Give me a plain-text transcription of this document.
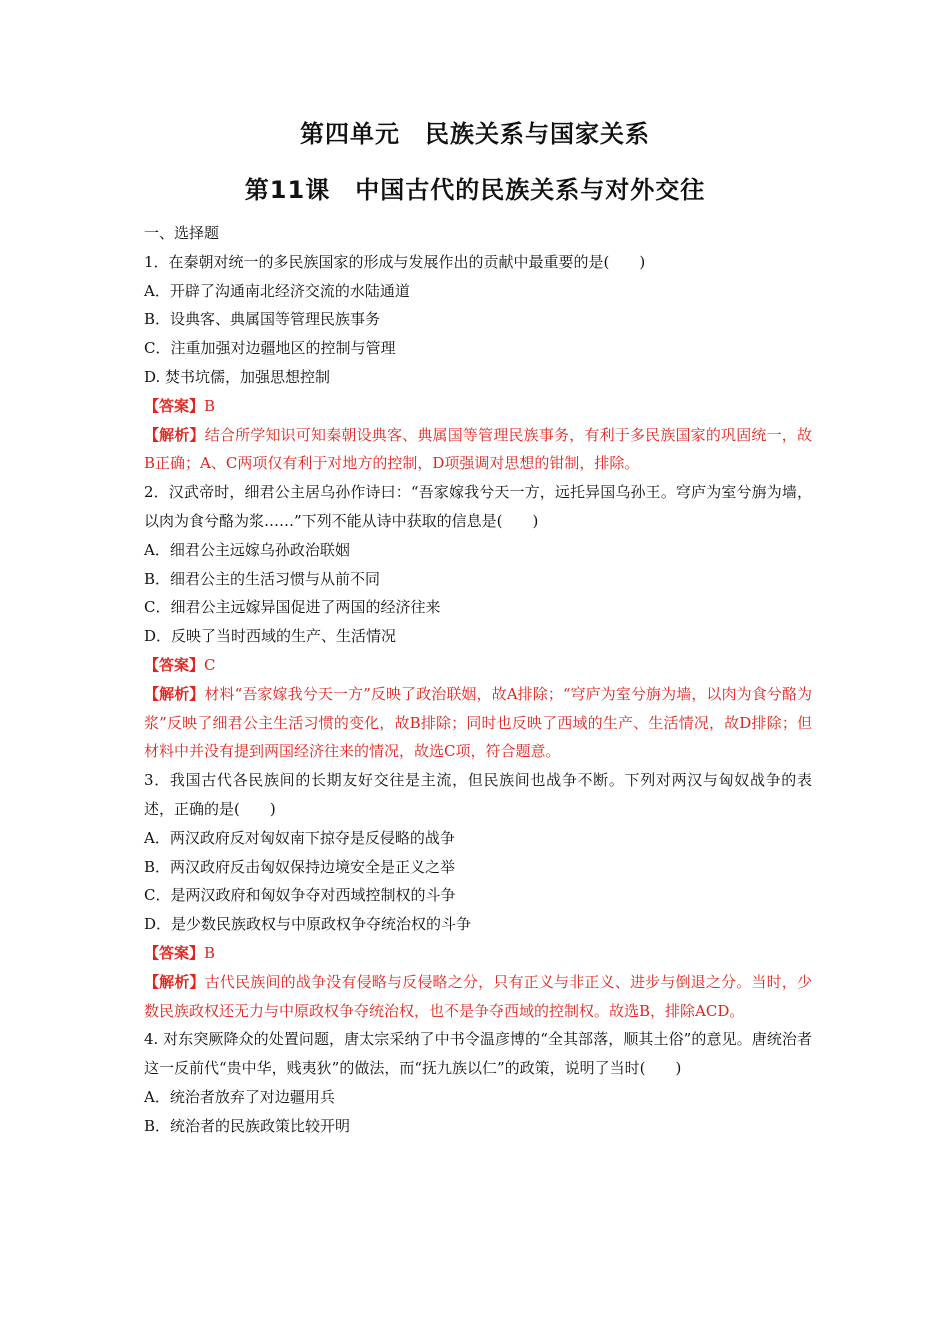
第四单元　民族关系与国家关系
第11课　中国古代的民族关系与对外交往
一、选择题
1．在秦朝对统一的多民族国家的形成与发展作出的贡献中最重要的是(　　)
A．开辟了沟通南北经济交流的水陆通道
B．设典客、典属国等管理民族事务
C．注重加强对边疆地区的控制与管理
D. 焚书坑儒，加强思想控制
【答案】B
【解析】结合所学知识可知秦朝设典客、典属国等管理民族事务，有利于多民族国家的巩固统一，故B正确；A、C两项仅有利于对地方的控制，D项强调对思想的钳制，排除。
2．汉武帝时，细君公主居乌孙作诗曰：“吾家嫁我兮天一方，远托异国乌孙王。穹庐为室兮旃为墙，以肉为食兮酪为浆……”下列不能从诗中获取的信息是(　　)
A．细君公主远嫁乌孙政治联姻
B．细君公主的生活习惯与从前不同
C．细君公主远嫁异国促进了两国的经济往来
D．反映了当时西域的生产、生活情况
【答案】C
【解析】材料“吾家嫁我兮天一方”反映了政治联姻，故A排除；“穹庐为室兮旃为墙，以肉为食兮酪为浆”反映了细君公主生活习惯的变化，故B排除；同时也反映了西域的生产、生活情况，故D排除；但材料中并没有提到两国经济往来的情况，故选C项，符合题意。
3．我国古代各民族间的长期友好交往是主流，但民族间也战争不断。下列对两汉与匈奴战争的表述，正确的是(　　)
A．两汉政府反对匈奴南下掠夺是反侵略的战争
B．两汉政府反击匈奴保持边境安全是正义之举
C．是两汉政府和匈奴争夺对西域控制权的斗争
D．是少数民族政权与中原政权争夺统治权的斗争
【答案】B
【解析】古代民族间的战争没有侵略与反侵略之分，只有正义与非正义、进步与倒退之分。当时，少数民族政权还无力与中原政权争夺统治权，也不是争夺西域的控制权。故选B，排除ACD。
4. 对东突厥降众的处置问题，唐太宗采纳了中书令温彦博的“全其部落，顺其土俗”的意见。唐统治者这一反前代“贵中华，贱夷狄”的做法，而“抚九族以仁”的政策，说明了当时(　　)
A．统治者放弃了对边疆用兵
B．统治者的民族政策比较开明
